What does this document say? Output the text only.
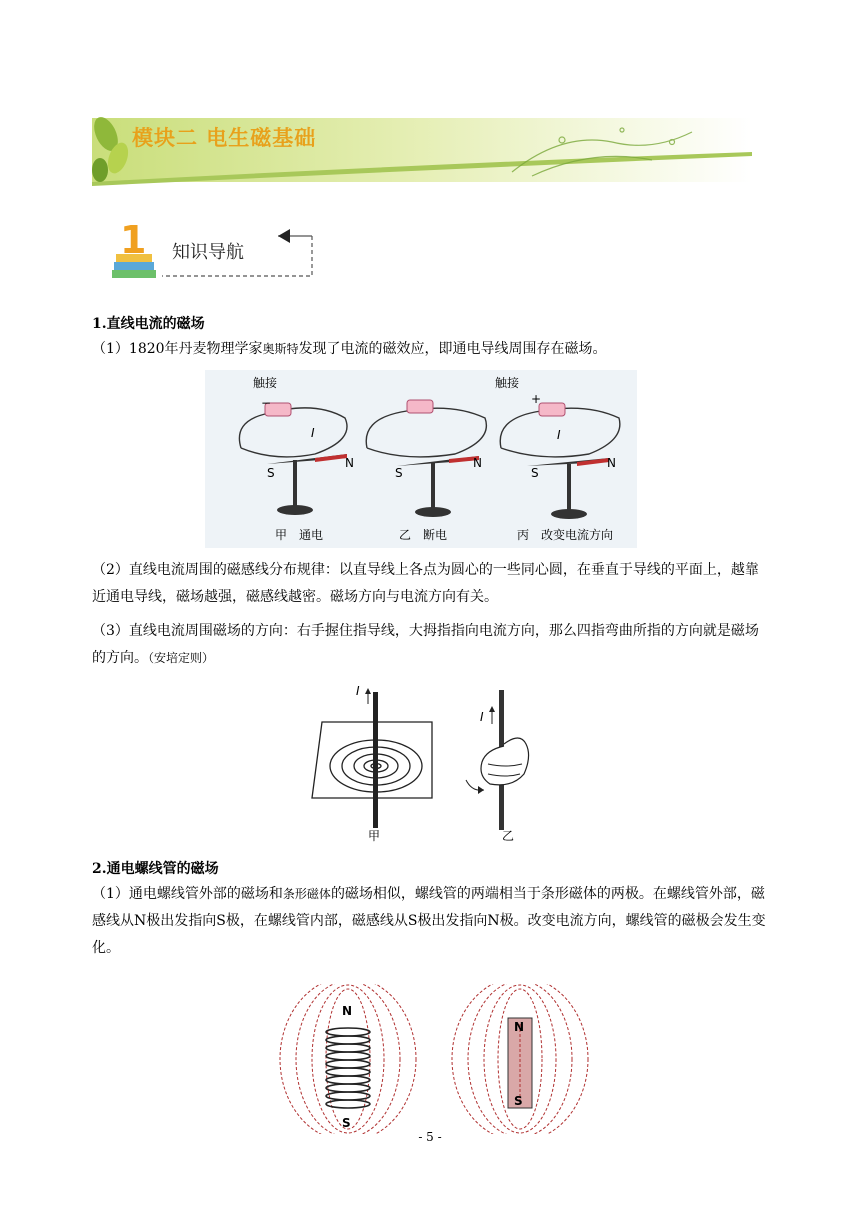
模块二 电生磁基础
1 知识导航
1.直线电流的磁场
（1）1820年丹麦物理学家奥斯特发现了电流的磁效应，即通电导线周围存在磁场。
触接	触接
−	+
I	I
S
N
S
N
S
N
甲　通电	乙　断电	丙　改变电流方向
（2）直线电流周围的磁感线分布规律：以直导线上各点为圆心的一些同心圆，在垂直于导线的平面上，越靠近通电导线，磁场越强，磁感线越密。磁场方向与电流方向有关。
（3）直线电流周围磁场的方向：右手握住指导线，大拇指指向电流方向，那么四指弯曲所指的方向就是磁场的方向。（安培定则）
I
I
甲	乙
2.通电螺线管的磁场
（1）通电螺线管外部的磁场和条形磁体的磁场相似，螺线管的两端相当于条形磁体的两极。在螺线管外部，磁感线从N极出发指向S极，在螺线管内部，磁感线从S极出发指向N极。改变电流方向，螺线管的磁极会发生变化。
N
S
N
S
- 5 -
